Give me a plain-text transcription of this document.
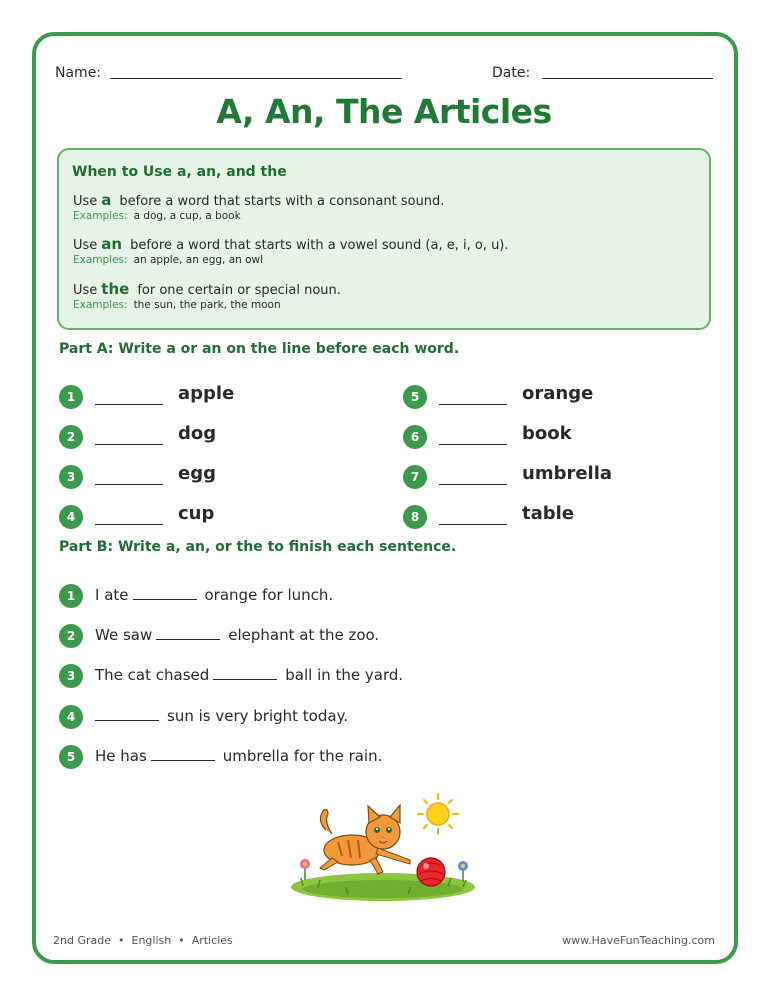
Name:	Date:
A, An, The Articles
When to Use a, an, and the
Use a before a word that starts with a consonant sound.
Examples: a dog, a cup, a book
Use an before a word that starts with a vowel sound (a, e, i, o, u).
Examples: an apple, an egg, an owl
Use the for one certain or special noun.
Examples: the sun, the park, the moon
Part A: Write a or an on the line before each word.
1	apple
2	dog
3	egg
4	cup
5	orange
6	book
7	umbrella
8	table
Part B: Write a, an, or the to finish each sentence.
1	I ate	orange for lunch.
2	We saw	elephant at the zoo.
3	The cat chased	ball in the yard.
4	sun is very bright today.
5	He has	umbrella for the rain.
2nd Grade • English • Articles	www.HaveFunTeaching.com
